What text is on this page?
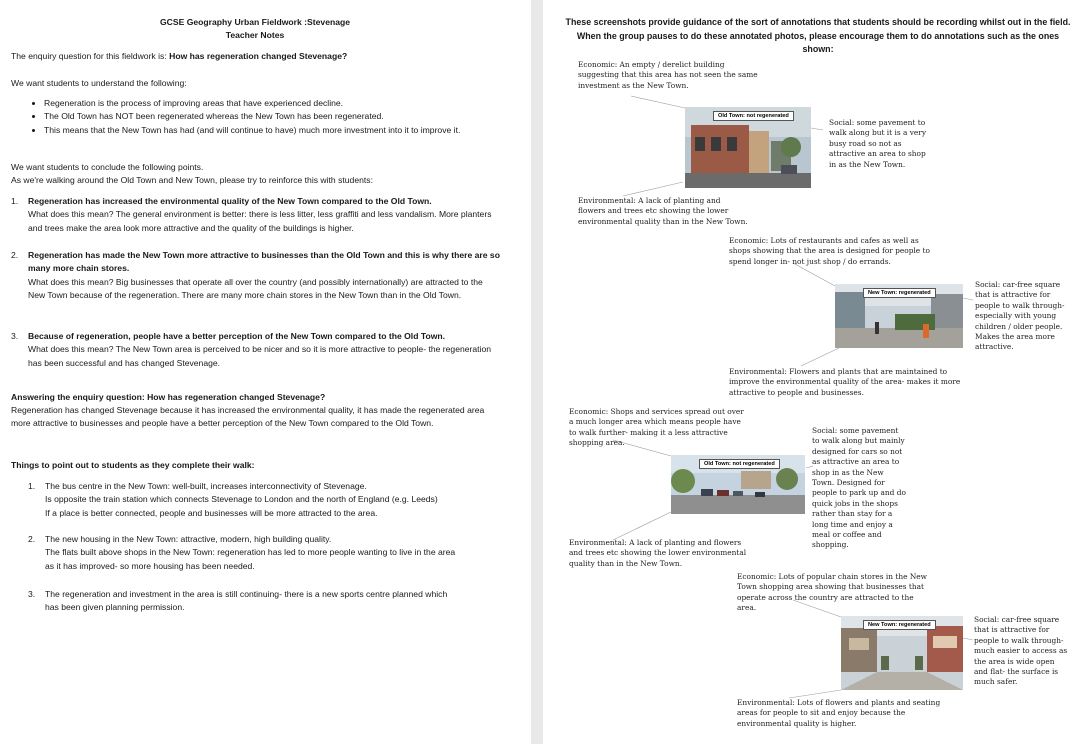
GCSE Geography Urban Fieldwork :Stevenage
Teacher Notes
The enquiry question for this fieldwork is: How has regeneration changed Stevenage?
We want students to understand the following:
• Regeneration is the process of improving areas that have experienced decline.
• The Old Town has NOT been regenerated whereas the New Town has been regenerated.
• This means that the New Town has had (and will continue to have) much more investment into it to improve it.
We want students to conclude the following points.
As we're walking around the Old Town and New Town, please try to reinforce this with students:
1. Regeneration has increased the environmental quality of the New Town compared to the Old Town.
What does this mean? The general environment is better: there is less litter, less graffiti and less vandalism. More planters and trees make the area look more attractive and the quality of the buildings is higher.
2. Regeneration has made the New Town more attractive to businesses than the Old Town and this is why there are so many more chain stores.
What does this mean? Big businesses that operate all over the country (and possibly internationally) are attracted to the New Town because of the regeneration. There are many more chain stores in the New Town than in the Old Town.
3. Because of regeneration, people have a better perception of the New Town compared to the Old Town.
What does this mean? The New Town area is perceived to be nicer and so it is more attractive to people- the regeneration has been successful and has changed Stevenage.
Answering the enquiry question: How has regeneration changed Stevenage?
Regeneration has changed Stevenage because it has increased the environmental quality, it has made the regenerated area more attractive to businesses and people have a better perception of the New Town compared to the Old Town.
Things to point out to students as they complete their walk:
1. The bus centre in the New Town: well-built, increases interconnectivity of Stevenage.
Is opposite the train station which connects Stevenage to London and the north of England (e.g. Leeds)
If a place is better connected, people and businesses will be more attracted to the area.
2. The new housing in the New Town: attractive, modern, high building quality.
The flats built above shops in the New Town: regeneration has led to more people wanting to live in the area
as it has improved- so more housing has been needed.
3. The regeneration and investment in the area is still continuing- there is a new sports centre planned which
has been given planning permission.
These screenshots provide guidance of the sort of annotations that students should be recording whilst out in the field. When the group pauses to do these annotated photos, please encourage them to do annotations such as the ones shown:
Economic: An empty / derelict building suggesting that this area has not seen the same investment as the New Town.
Old Town: not regenerated
Social: some pavement to walk along but it is a very busy road so not as attractive an area to shop in as the New Town.
Environmental: A lack of planting and flowers and trees etc showing the lower environmental quality than in the New Town.
Economic: Lots of restaurants and cafes as well as shops showing that the area is designed for people to spend longer in- not just shop / do errands.
New Town: regenerated
Social: car-free square that is attractive for people to walk through- especially with young children / older people. Makes the area more attractive.
Environmental: Flowers and plants that are maintained to improve the environmental quality of the area- makes it more attractive to people and businesses.
Economic: Shops and services spread out over a much longer area which means people have to walk further- making it a less attractive shopping area.
Old Town: not regenerated
Social: some pavement to walk along but mainly designed for cars so not as attractive an area to shop in as the New Town. Designed for people to park up and do quick jobs in the shops rather than stay for a long time and enjoy a meal or coffee and shopping.
Environmental: A lack of planting and flowers and trees etc showing the lower environmental quality than in the New Town.
Economic: Lots of popular chain stores in the New Town shopping area showing that businesses that operate across the country are attracted to the area.
New Town: regenerated
Social: car-free square that is attractive for people to walk through- much easier to access as the area is wide open and flat- the surface is much safer.
Environmental: Lots of flowers and plants and seating areas for people to sit and enjoy because the environmental quality is higher.
